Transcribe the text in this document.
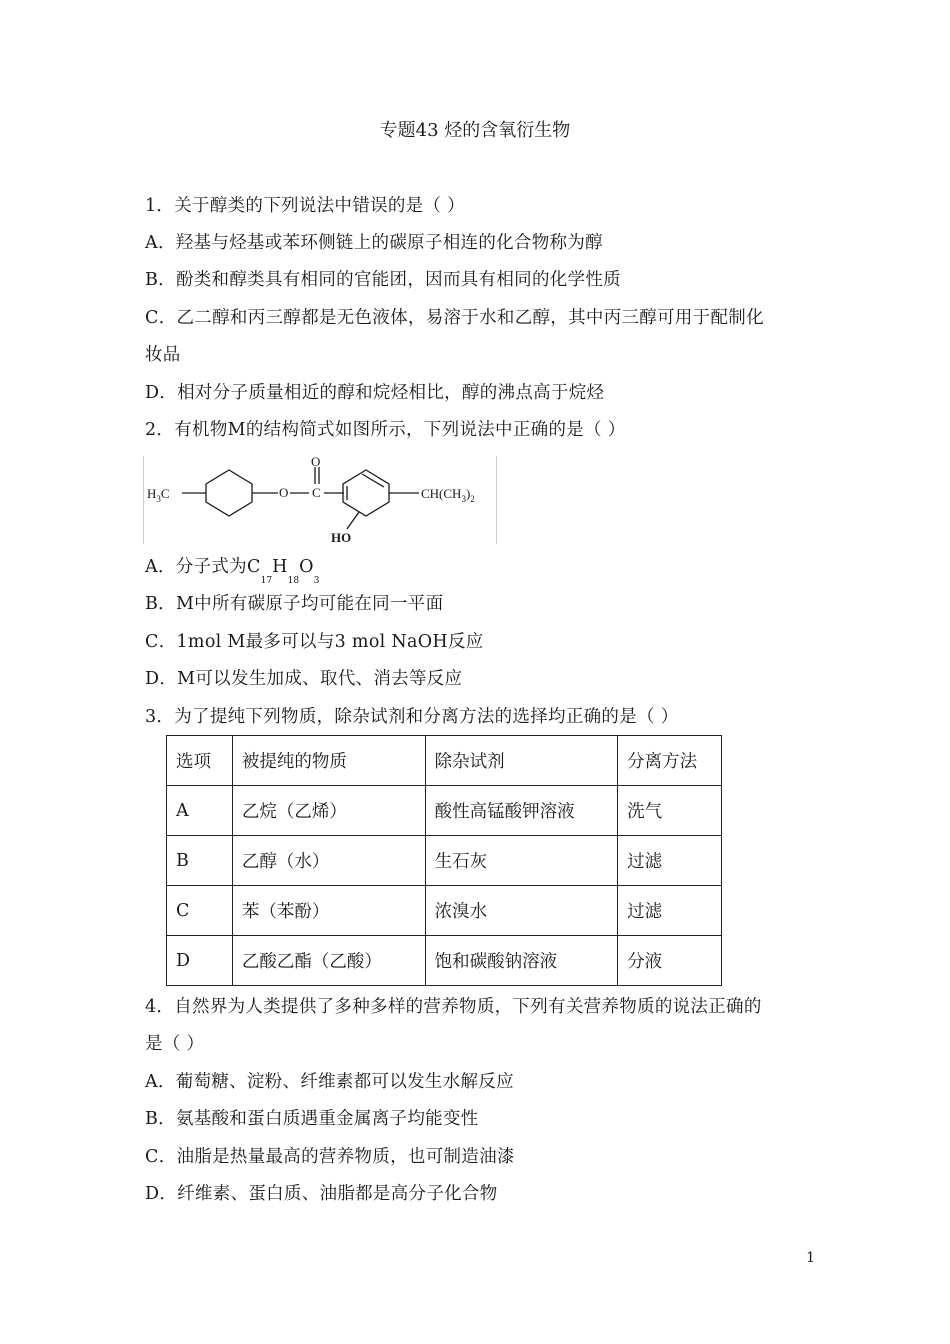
专题43 烃的含氧衍生物
1．关于醇类的下列说法中错误的是（ ）
A．羟基与烃基或苯环侧链上的碳原子相连的化合物称为醇
B．酚类和醇类具有相同的官能团，因而具有相同的化学性质
C．乙二醇和丙三醇都是无色液体，易溶于水和乙醇，其中丙三醇可用于配制化
妆品
D．相对分子质量相近的醇和烷烃相比，醇的沸点高于烷烃
2．有机物M的结构简式如图所示，下列说法中正确的是（ ）
$H_3C$	O C
O
HO
$CH(CH_3)_2$
A．分子式为$C_{17}H_{18}O_3$
B．M中所有碳原子均可能在同一平面
C．1mol M最多可以与3 mol NaOH反应
D．M可以发生加成、取代、消去等反应
3．为了提纯下列物质，除杂试剂和分离方法的选择均正确的是（ ）
选项	被提纯的物质	除杂试剂	分离方法
A	乙烷（乙烯）	酸性高锰酸钾溶液	洗气
B	乙醇（水）	生石灰	过滤
C	苯（苯酚）	浓溴水	过滤
D	乙酸乙酯（乙酸）	饱和碳酸钠溶液	分液
4．自然界为人类提供了多种多样的营养物质，下列有关营养物质的说法正确的
是（ ）
A．葡萄糖、淀粉、纤维素都可以发生水解反应
B．氨基酸和蛋白质遇重金属离子均能变性
C．油脂是热量最高的营养物质，也可制造油漆
D．纤维素、蛋白质、油脂都是高分子化合物
1
